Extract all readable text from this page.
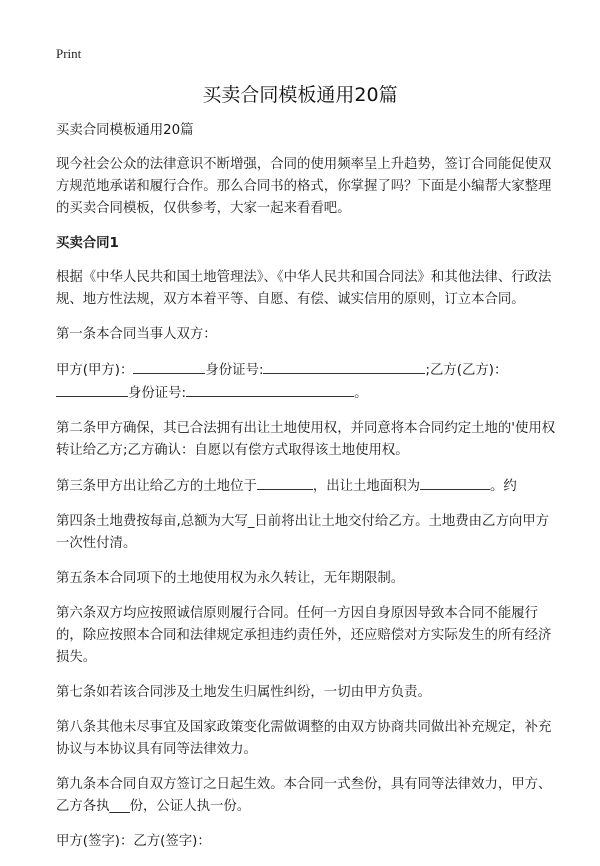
Print
买卖合同模板通用20篇

买卖合同模板通用20篇

现今社会公众的法律意识不断增强，合同的使用频率呈上升趋势，签订合同能促使双方规范地承诺和履行合作。那么合同书的格式，你掌握了吗？下面是小编帮大家整理的买卖合同模板，仅供参考，大家一起来看看吧。

买卖合同1

根据《中华人民共和国土地管理法》、《中华人民共和国合同法》和其他法律、行政法规、地方性法规，双方本着平等、自愿、有偿、诚实信用的原则，订立本合同。

第一条本合同当事人双方：

甲方(甲方)：	身份证号:	;乙方(乙方)：身份证号:	。

第二条甲方确保，其已合法拥有出让土地使用权，并同意将本合同约定土地的'使用权转让给乙方;乙方确认：自愿以有偿方式取得该土地使用权。

第三条甲方出让给乙方的土地位于	，出让土地面积为	。约

第四条土地费按每亩,总额为大写_日前将出让土地交付给乙方。土地费由乙方向甲方一次性付清。

第五条本合同项下的土地使用权为永久转让，无年期限制。

第六条双方均应按照诚信原则履行合同。任何一方因自身原因导致本合同不能履行的，除应按照本合同和法律规定承担违约责任外，还应赔偿对方实际发生的所有经济损失。

第七条如若该合同涉及土地发生归属性纠纷，一切由甲方负责。

第八条其他未尽事宜及国家政策变化需做调整的由双方协商共同做出补充规定，补充协议与本协议具有同等法律效力。

第九条本合同自双方签订之日起生效。本合同一式叁份，具有同等法律效力，甲方、乙方各执___份，公证人执一份。

甲方(签字)：乙方(签字)：
